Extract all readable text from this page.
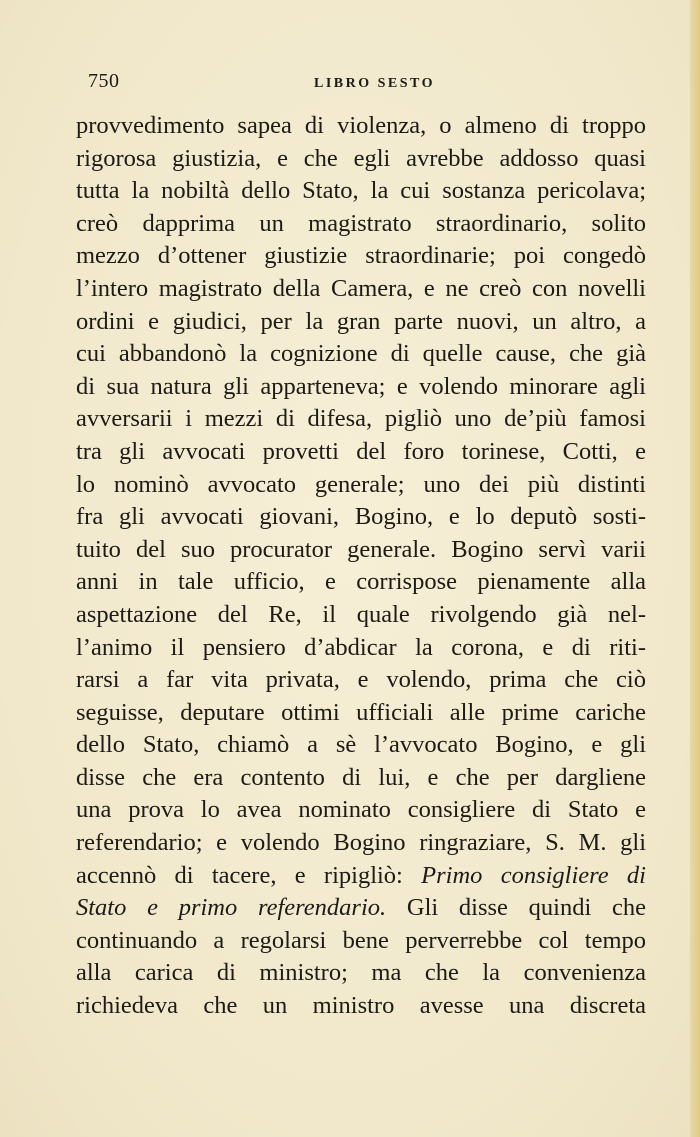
750	LIBRO SESTO
provvedimento sapea di violenza, o almeno di troppo
rigorosa giustizia, e che egli avrebbe addosso quasi
tutta la nobiltà dello Stato, la cui sostanza pericolava;
creò dapprima un magistrato straordinario, solito
mezzo d’ottener giustizie straordinarie; poi congedò
l’intero magistrato della Camera, e ne creò con novelli
ordini e giudici, per la gran parte nuovi, un altro, a
cui abbandonò la cognizione di quelle cause, che già
di sua natura gli apparteneva; e volendo minorare agli
avversarii i mezzi di difesa, pigliò uno de’più famosi
tra gli avvocati provetti del foro torinese, Cotti, e
lo nominò avvocato generale; uno dei più distinti
fra gli avvocati giovani, Bogino, e lo deputò sosti-
tuito del suo procurator generale. Bogino servì varii
anni in tale ufficio, e corrispose pienamente alla
aspettazione del Re, il quale rivolgendo già nel-
l’animo il pensiero d’abdicar la corona, e di riti-
rarsi a far vita privata, e volendo, prima che ciò
seguisse, deputare ottimi ufficiali alle prime cariche
dello Stato, chiamò a sè l’avvocato Bogino, e gli
disse che era contento di lui, e che per dargliene
una prova lo avea nominato consigliere di Stato e
referendario; e volendo Bogino ringraziare, S. M. gli
accennò di tacere, e ripigliò: Primo consigliere di
Stato e primo referendario. Gli disse quindi che
continuando a regolarsi bene perverrebbe col tempo
alla carica di ministro; ma che la convenienza
richiedeva che un ministro avesse una discreta
